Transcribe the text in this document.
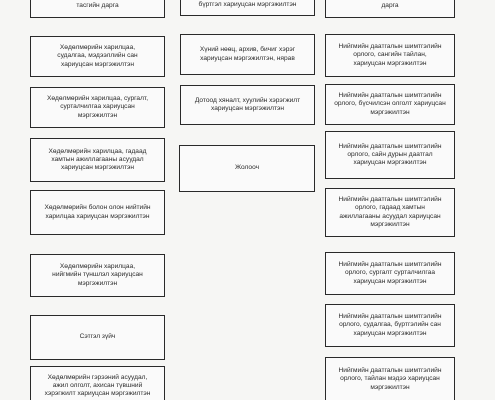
тасгийн дарга
Хөдөлмөрийн харилцаа,
судалгаа, мэдээллийн сан
хариуцсан мэргэжилтэн
Хөдөлмөрийн харилцаа, сургалт,
сурталчилгаа хариуцсан
мэргэжилтэн
Хөдөлмөрийн харилцаа, гадаад
хамтын ажиллагааны асуудал
хариуцсан мэргэжилтэн
Хөдөлмөрийн болон олон нийтийн
харилцаа хариуцсан мэргэжилтэн
Хөдөлмөрийн харилцаа,
нийгмийн түншлэл хариуцсан
мэргэжилтэн
Сэтгэл зүйч
Хөдөлмөрийн гэрээний асуудал,
ажил олголт, ахисан түвшний
хэрэгжилт хариуцсан мэргэжилтэн
бүртгэл хариуцсан мэргэжилтэн
Хүний нөөц, архив, бичиг хэрэг
хариуцсан мэргэжилтэн, нярав
Дотоод хяналт, хуулийн хэрэгжилт
хариуцсан мэргэжилтэн
Жолооч
дарга
Нийгмийн даатгалын шимтгэлийн
орлого, сангийн тайлан,
хариуцсан мэргэжилтэн
Нийгмийн даатгалын шимтгэлийн
орлого, бүсчилсэн олголт хариуцсан
мэргэжилтэн
Нийгмийн даатгалын шимтгэлийн
орлого, сайн дурын даатгал
хариуцсан мэргэжилтэн
Нийгмийн даатгалын шимтгэлийн
орлого, гадаад хамтын
ажиллагааны асуудал хариуцсан
мэргэжилтэн
Нийгмийн даатгалын шимтгэлийн
орлого, сургалт сурталчилгаа
хариуцсан мэргэжилтэн
Нийгмийн даатгалын шимтгэлийн
орлого, судалгаа, бүртгэлийн сан
хариуцсан мэргэжилтэн
Нийгмийн даатгалын шимтгэлийн
орлого, тайлан мэдээ хариуцсан
мэргэжилтэн
